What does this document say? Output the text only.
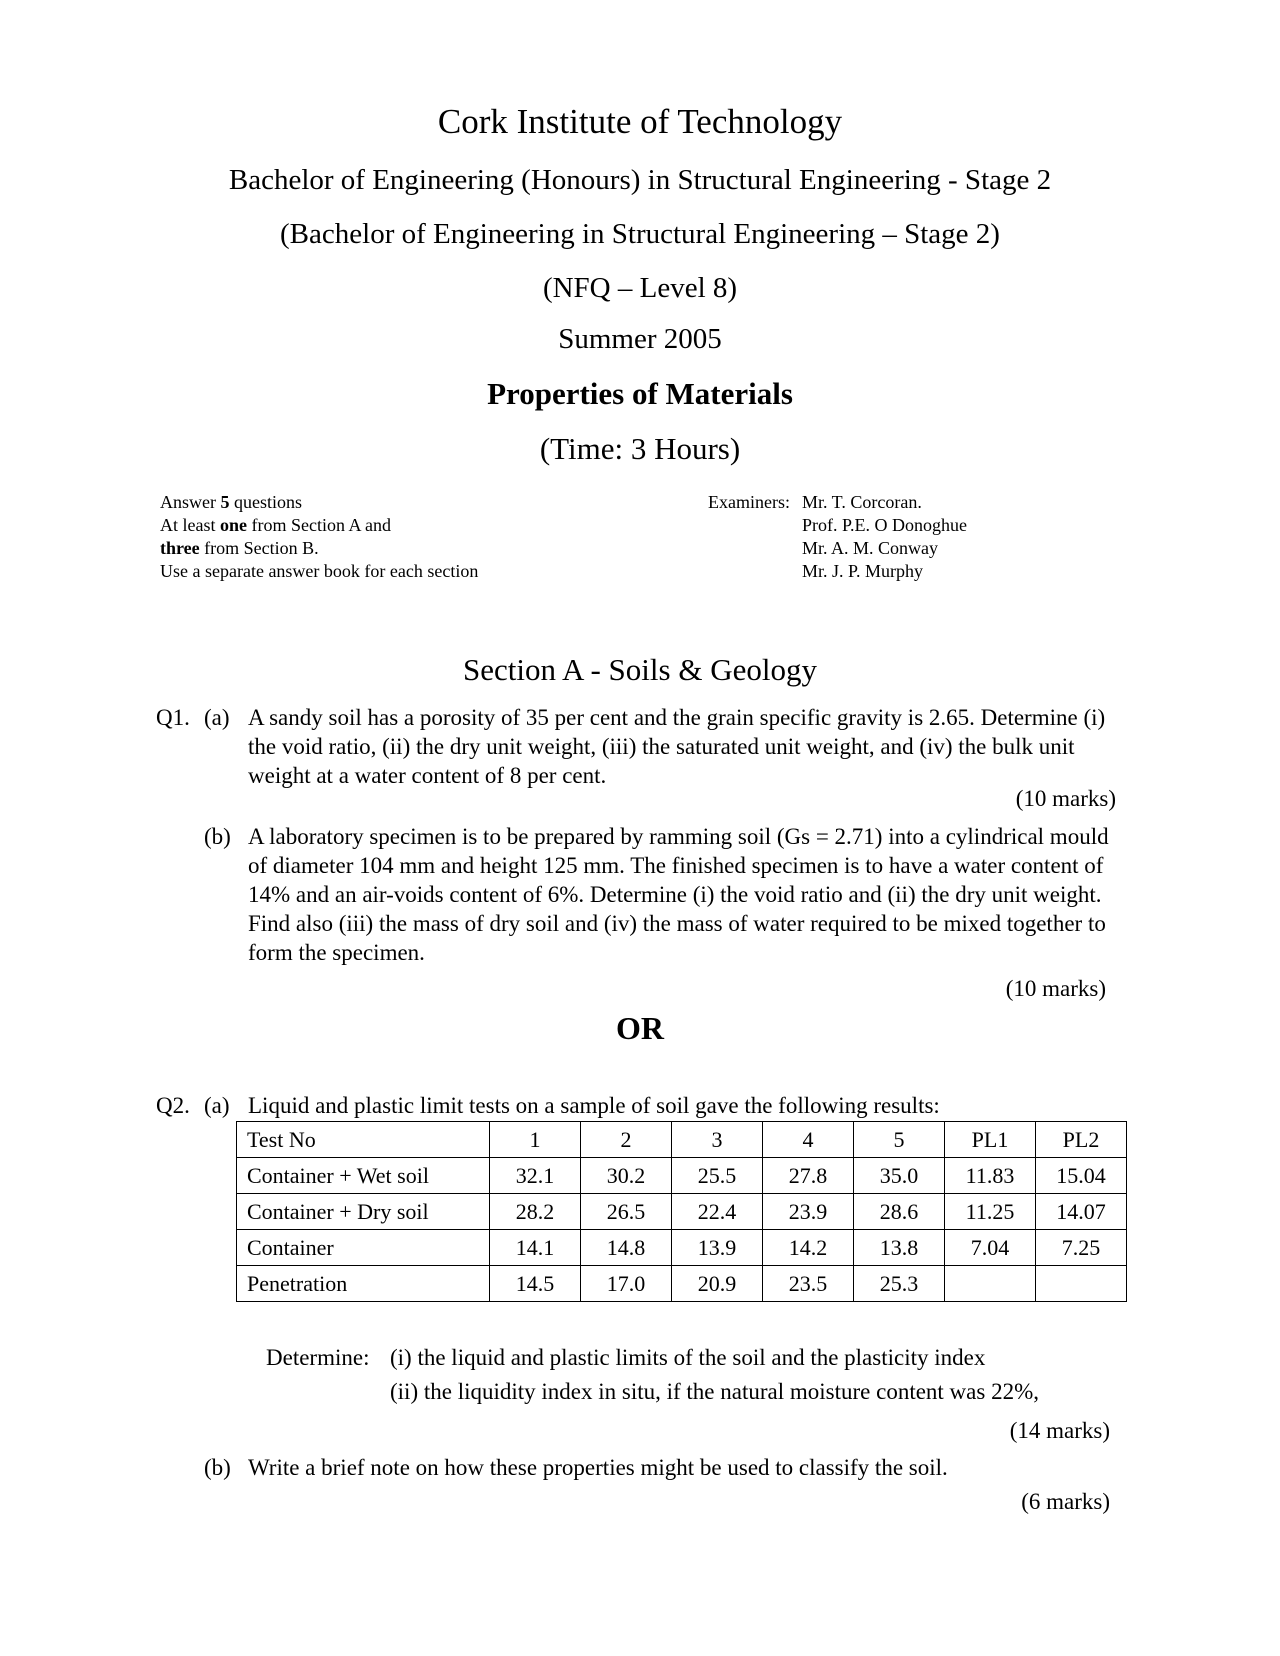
Cork Institute of Technology
Bachelor of Engineering (Honours) in Structural Engineering - Stage 2
(Bachelor of Engineering in Structural Engineering – Stage 2)
(NFQ – Level 8)
Summer 2005
Properties of Materials
(Time: 3 Hours)
Answer 5 questions
At least one from Section A and
three from Section B.
Use a separate answer book for each section
Examiners: Mr. T. Corcoran.
Prof. P.E. O Donoghue
Mr. A. M. Conway
Mr. J. P. Murphy
Section A - Soils & Geology
Q1. (a) A sandy soil has a porosity of 35 per cent and the grain specific gravity is 2.65. Determine (i) the void ratio, (ii) the dry unit weight, (iii) the saturated unit weight, and (iv) the bulk unit weight at a water content of 8 per cent.
(10 marks)
(b) A laboratory specimen is to be prepared by ramming soil (Gs = 2.71) into a cylindrical mould of diameter 104 mm and height 125 mm. The finished specimen is to have a water content of 14% and an air-voids content of 6%. Determine (i) the void ratio and (ii) the dry unit weight. Find also (iii) the mass of dry soil and (iv) the mass of water required to be mixed together to form the specimen.
(10 marks)
OR
Q2. (a) Liquid and plastic limit tests on a sample of soil gave the following results:
Test No	1	2	3	4	5	PL1	PL2
Container + Wet soil	32.1	30.2	25.5	27.8	35.0	11.83	15.04
Container + Dry soil	28.2	26.5	22.4	23.9	28.6	11.25	14.07
Container	14.1	14.8	13.9	14.2	13.8	7.04	7.25
Penetration	14.5	17.0	20.9	23.5	25.3		
Determine: (i) the liquid and plastic limits of the soil and the plasticity index
(ii) the liquidity index in situ, if the natural moisture content was 22%,
(14 marks)
(b) Write a brief note on how these properties might be used to classify the soil.
(6 marks)
